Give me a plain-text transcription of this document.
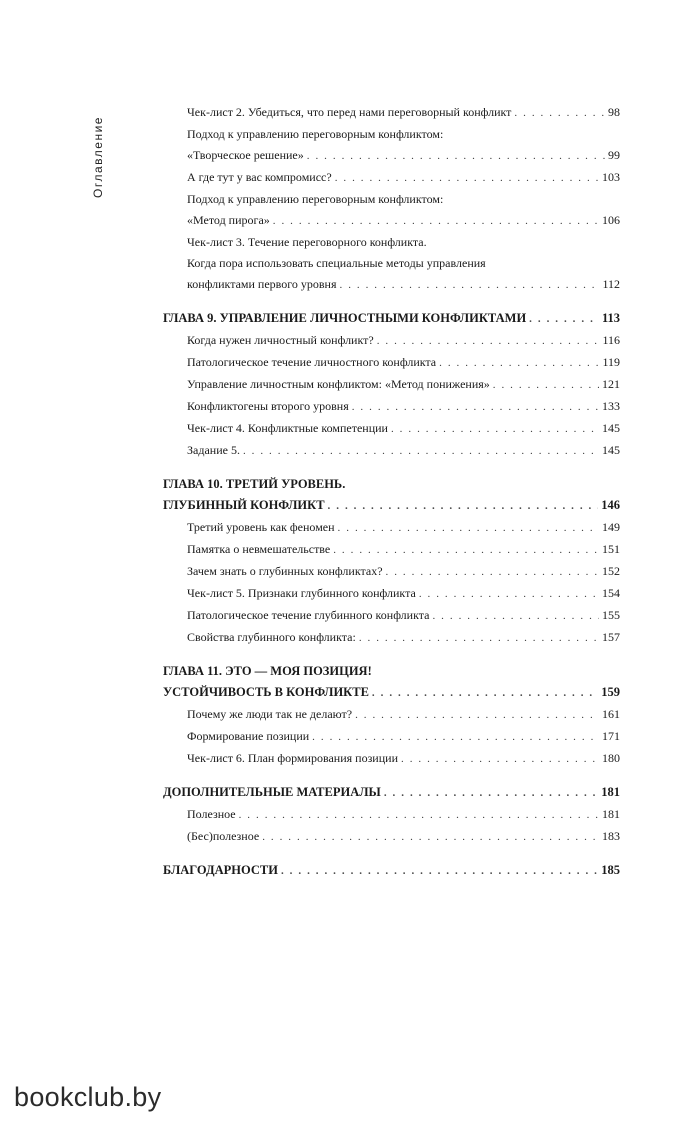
Оглавление
Чек-лист 2. Убедиться, что перед нами переговорный конфликт . . .	98
Подход к управлению переговорным конфликтом:
«Творческое решение» . . .	99
А где тут у вас компромисс? . . .	103
Подход к управлению переговорным конфликтом:
«Метод пирога» . . .	106
Чек-лист 3. Течение переговорного конфликта.
Когда пора использовать специальные методы управления
конфликтами первого уровня . . .	112
ГЛАВА 9. УПРАВЛЕНИЕ ЛИЧНОСТНЫМИ КОНФЛИКТАМИ . . .	113
Когда нужен личностный конфликт? . . .	116
Патологическое течение личностного конфликта . . .	119
Управление личностным конфликтом: «Метод понижения» . . .	121
Конфликтогены второго уровня . . .	133
Чек-лист 4. Конфликтные компетенции . . .	145
Задание 5. . . .	145
ГЛАВА 10. ТРЕТИЙ УРОВЕНЬ.
ГЛУБИННЫЙ КОНФЛИКТ . . .	146
Третий уровень как феномен . . .	149
Памятка о невмешательстве . . .	151
Зачем знать о глубинных конфликтах? . . .	152
Чек-лист 5. Признаки глубинного конфликта . . .	154
Патологическое течение глубинного конфликта . . .	155
Свойства глубинного конфликта: . . .	157
ГЛАВА 11. ЭТО — МОЯ ПОЗИЦИЯ!
УСТОЙЧИВОСТЬ В КОНФЛИКТЕ . . .	159
Почему же люди так не делают? . . .	161
Формирование позиции . . .	171
Чек-лист 6. План формирования позиции . . .	180
ДОПОЛНИТЕЛЬНЫЕ МАТЕРИАЛЫ . . .	181
Полезное . . .	181
(Бес)полезное . . .	183
БЛАГОДАРНОСТИ . . .	185
bookclub.by
